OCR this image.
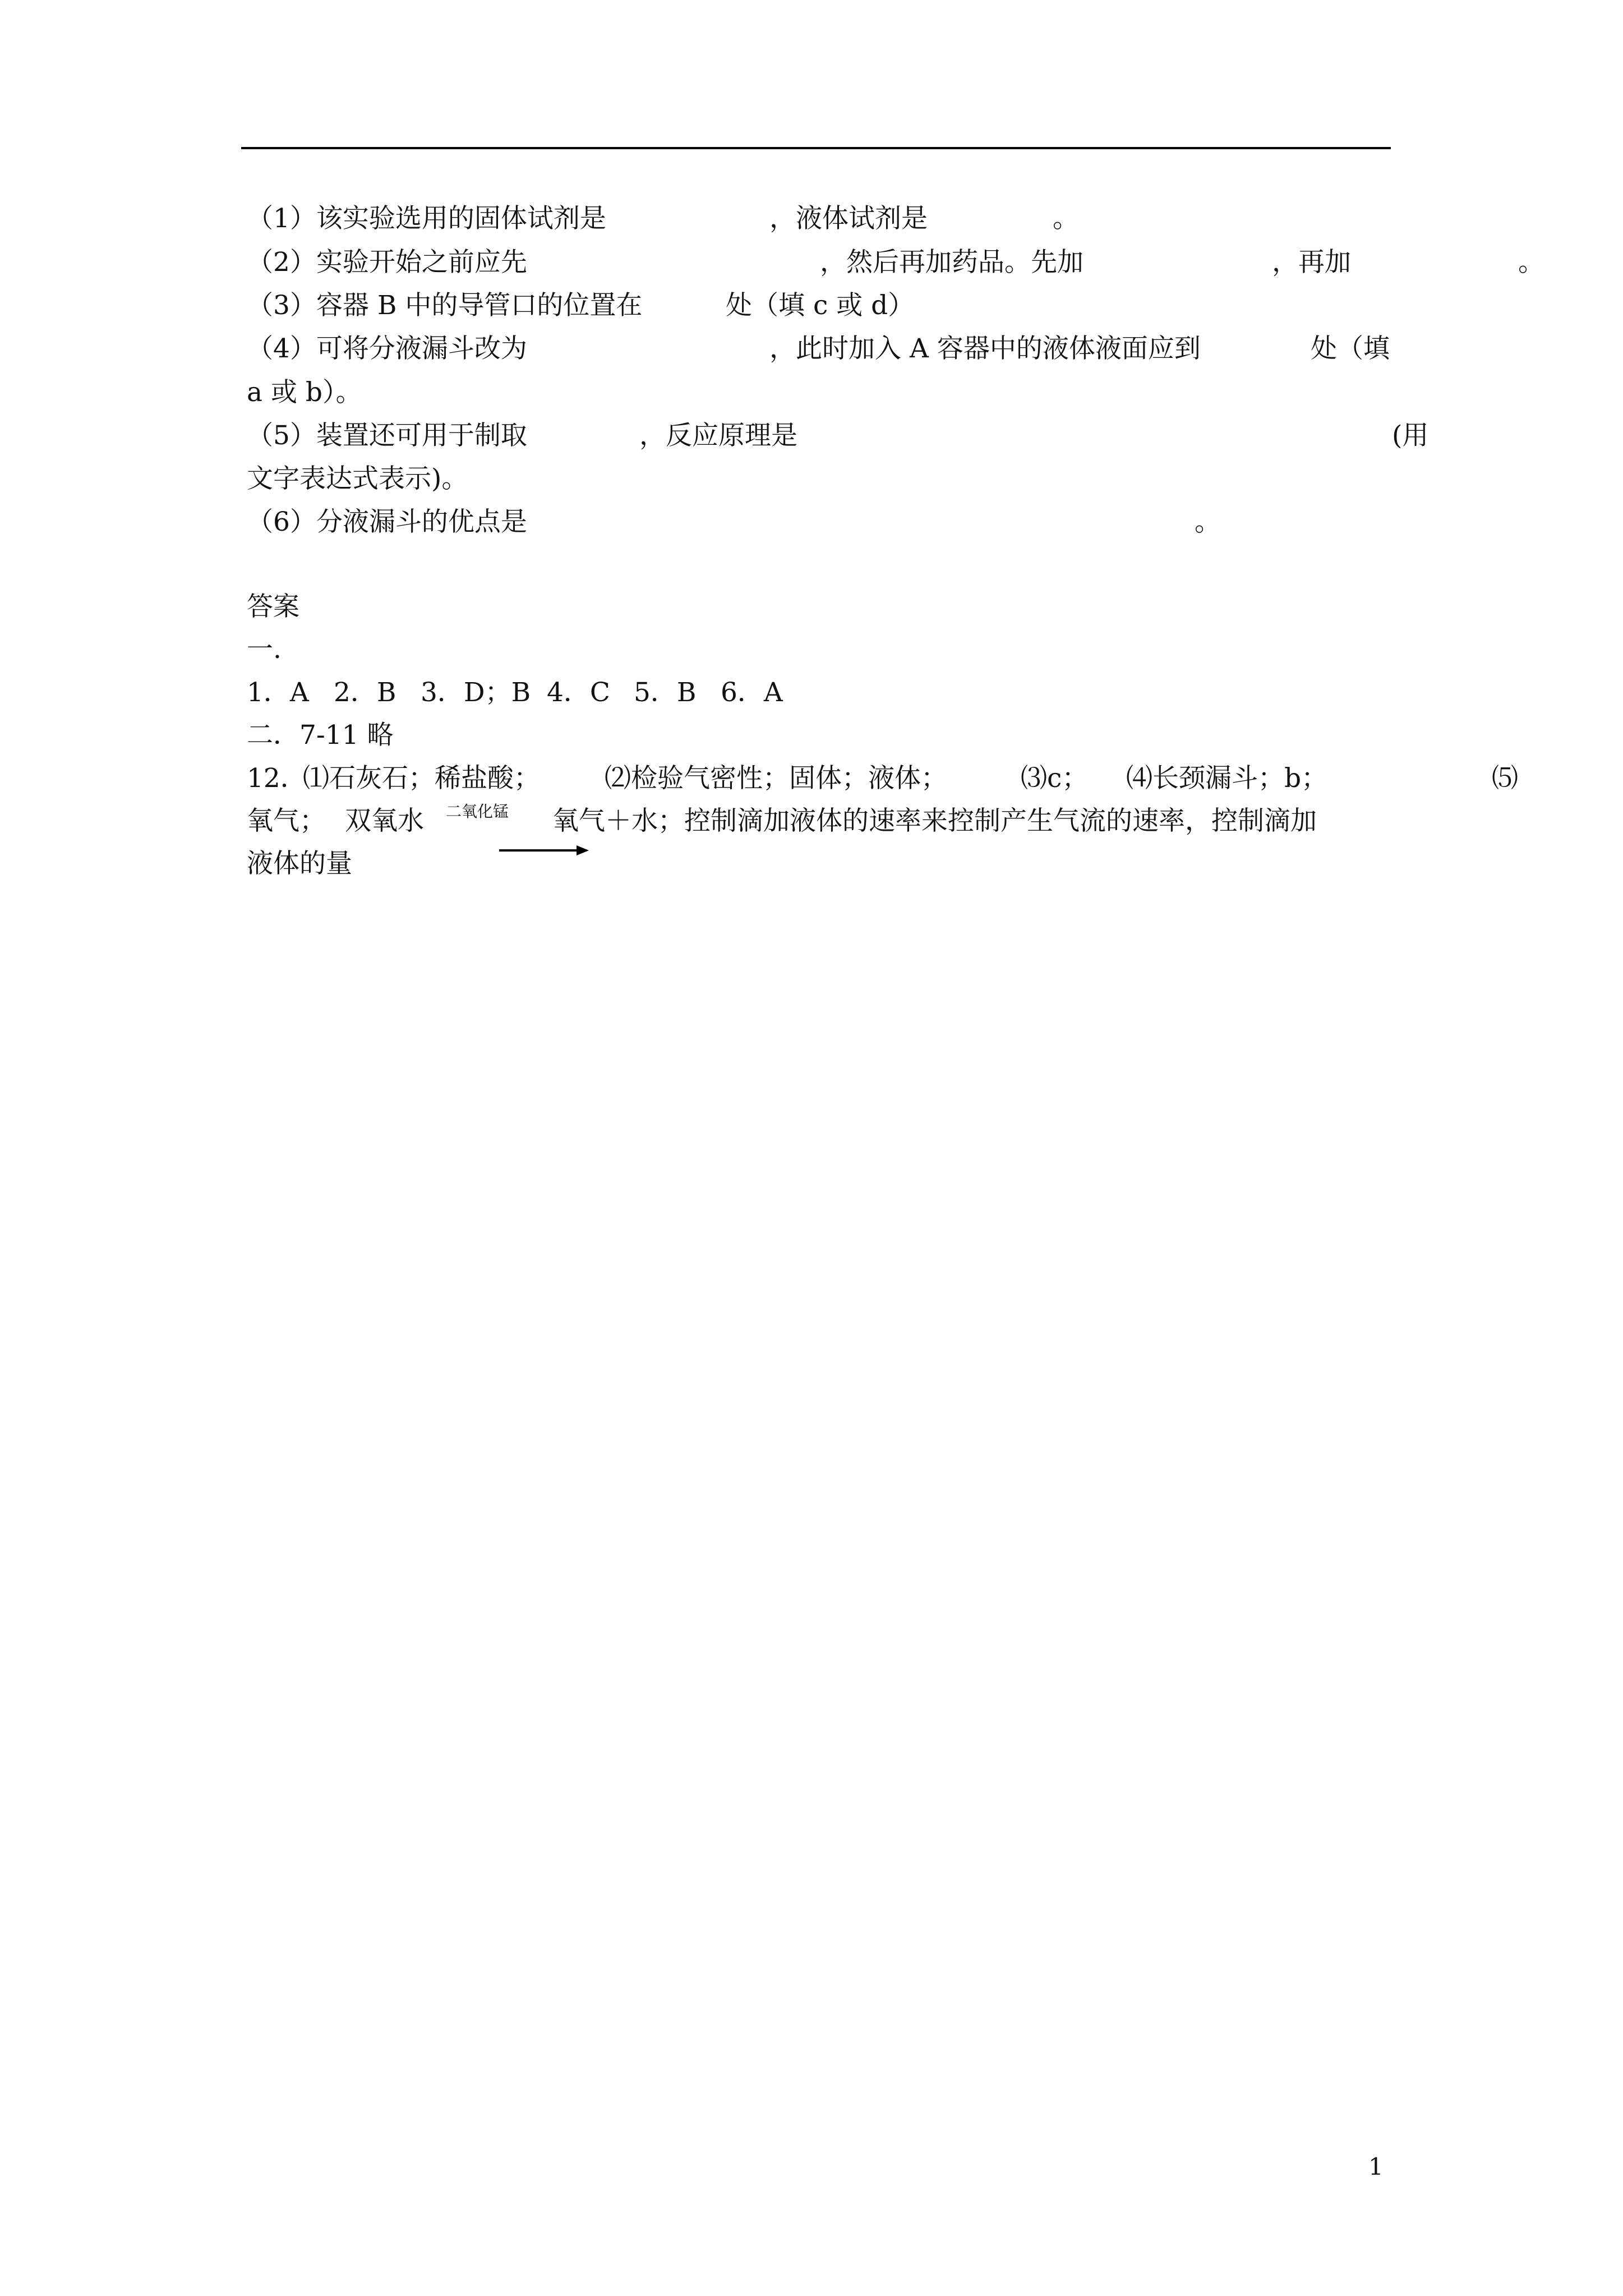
（1）该实验选用的固体试剂是	，液体试剂是	。
（2）实验开始之前应先	，然后再加药品。先加	，再加	。
（3）容器 B 中的导管口的位置在	处（填 c 或 d）
（4）可将分液漏斗改为	，此时加入 A 容器中的液体液面应到	处（填
a 或 b）。
（5）装置还可用于制取	，反应原理是	(用
文字表达式表示)。
（6）分液漏斗的优点是	。
答案
一.
1．A 2．B 3．D；B 4．C 5．B 6．A
二．7-11 略
12．
⑴石灰石；稀盐酸； ⑵检验气密性；固体；液体；	⑶c； ⑷长颈漏斗；b；	⑸
氧气； 双氧水	氧气＋水；控制滴加液体的速率来控制产生气流的速率，控制滴加
二氧化锰
液体的量
1
